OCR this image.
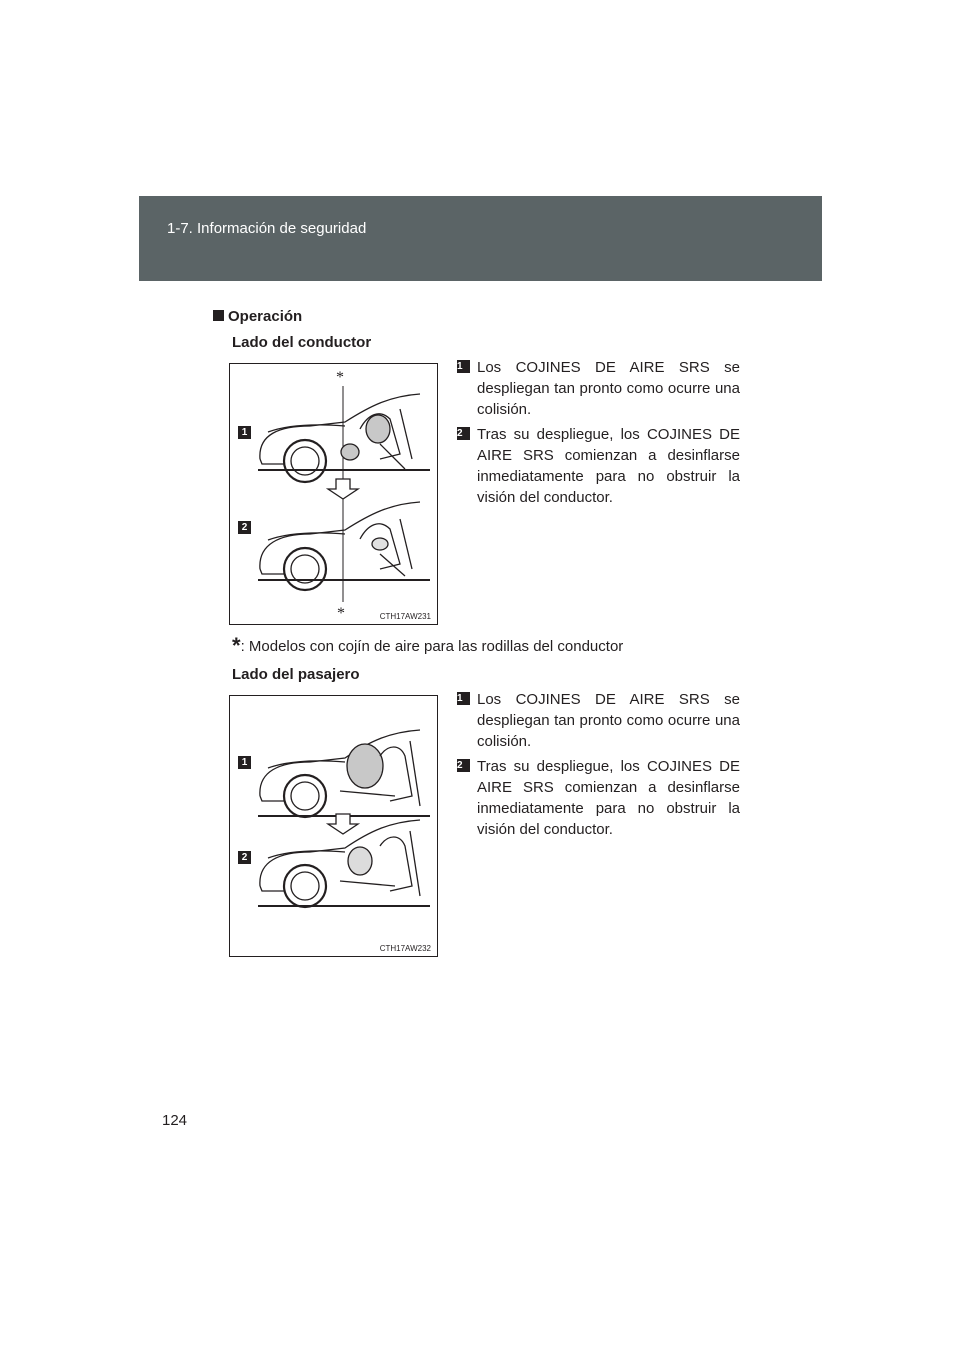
1-7. Información de seguridad
Operación
Lado del conductor
*
*
1
2
CTH17AW231
1 Los COJINES DE AIRE SRS se despliegan tan pronto como ocurre una colisión.
2 Tras su despliegue, los COJINES DE AIRE SRS comienzan a desinflarse inmediatamente para no obstruir la visión del conductor.
*: Modelos con cojín de aire para las rodillas del conductor
Lado del pasajero
1
2
CTH17AW232
1 Los COJINES DE AIRE SRS se despliegan tan pronto como ocurre una colisión.
2 Tras su despliegue, los COJINES DE AIRE SRS comienzan a desinflarse inmediatamente para no obstruir la visión del conductor.
124
